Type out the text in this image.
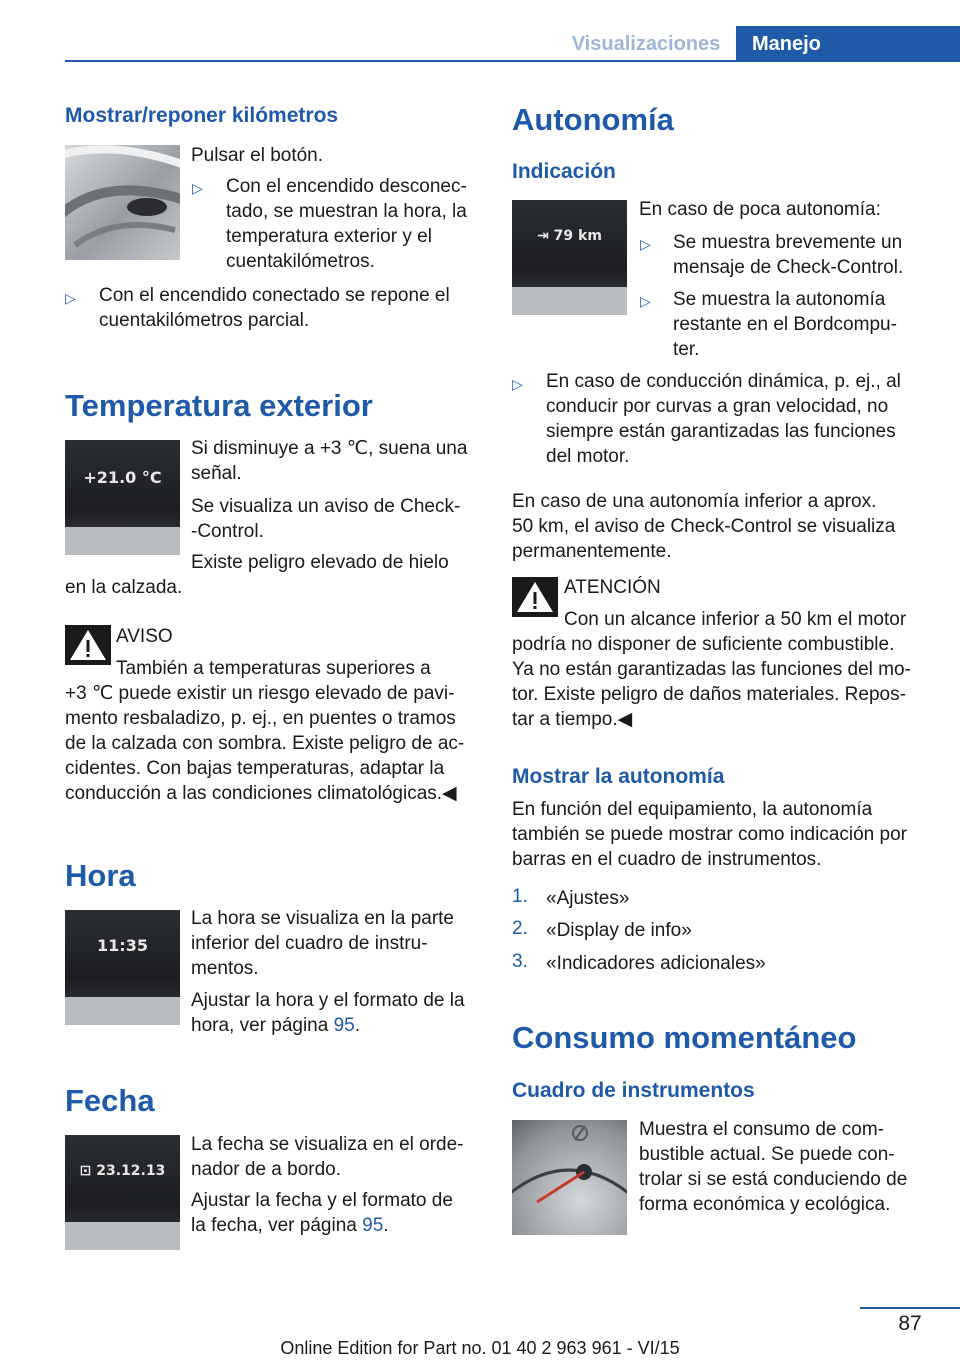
Visualizaciones	Manejo
Mostrar/reponer kilómetros
Pulsar el botón.
▷ Con el encendido desconec‐
tado, se muestran la hora, la
temperatura exterior y el
cuentakilómetros.
▷ Con el encendido conectado se repone el
cuentakilómetros parcial.
Temperatura exterior
+21.0 °C
Si disminuye a +3 ℃, suena una
señal.
Se visualiza un aviso de Check‐
‐Control.
Existe peligro elevado de hielo
en la calzada.
AVISO
También a temperaturas superiores a
+3 ℃ puede existir un riesgo elevado de pavi‐
mento resbaladizo, p. ej., en puentes o tramos
de la calzada con sombra. Existe peligro de ac‐
cidentes. Con bajas temperaturas, adaptar la
conducción a las condiciones climatológicas.◀
Hora
11:35
La hora se visualiza en la parte
inferior del cuadro de instru‐
mentos.
Ajustar la hora y el formato de la
hora, ver página 95.
Fecha
⊡ 23.12.13
La fecha se visualiza en el orde‐
nador de a bordo.
Ajustar la fecha y el formato de
la fecha, ver página 95.
Autonomía
Indicación
⇥ 79 km
En caso de poca autonomía:
▷ Se muestra brevemente un
mensaje de Check-Control.
▷ Se muestra la autonomía
restante en el Bordcompu‐
ter.
▷ En caso de conducción dinámica, p. ej., al
conducir por curvas a gran velocidad, no
siempre están garantizadas las funciones
del motor.
En caso de una autonomía inferior a aprox.
50 km, el aviso de Check-Control se visualiza
permanentemente.
ATENCIÓN
Con un alcance inferior a 50 km el motor
podría no disponer de suficiente combustible.
Ya no están garantizadas las funciones del mo‐
tor. Existe peligro de daños materiales. Repos‐
tar a tiempo.◀
Mostrar la autonomía
En función del equipamiento, la autonomía
también se puede mostrar como indicación por
barras en el cuadro de instrumentos.
1. «Ajustes»
2. «Display de info»
3. «Indicadores adicionales»
Consumo momentáneo
Cuadro de instrumentos
Muestra el consumo de com‐
bustible actual. Se puede con‐
trolar si se está conduciendo de
forma económica y ecológica.
87
Online Edition for Part no. 01 40 2 963 961 - VI/15
